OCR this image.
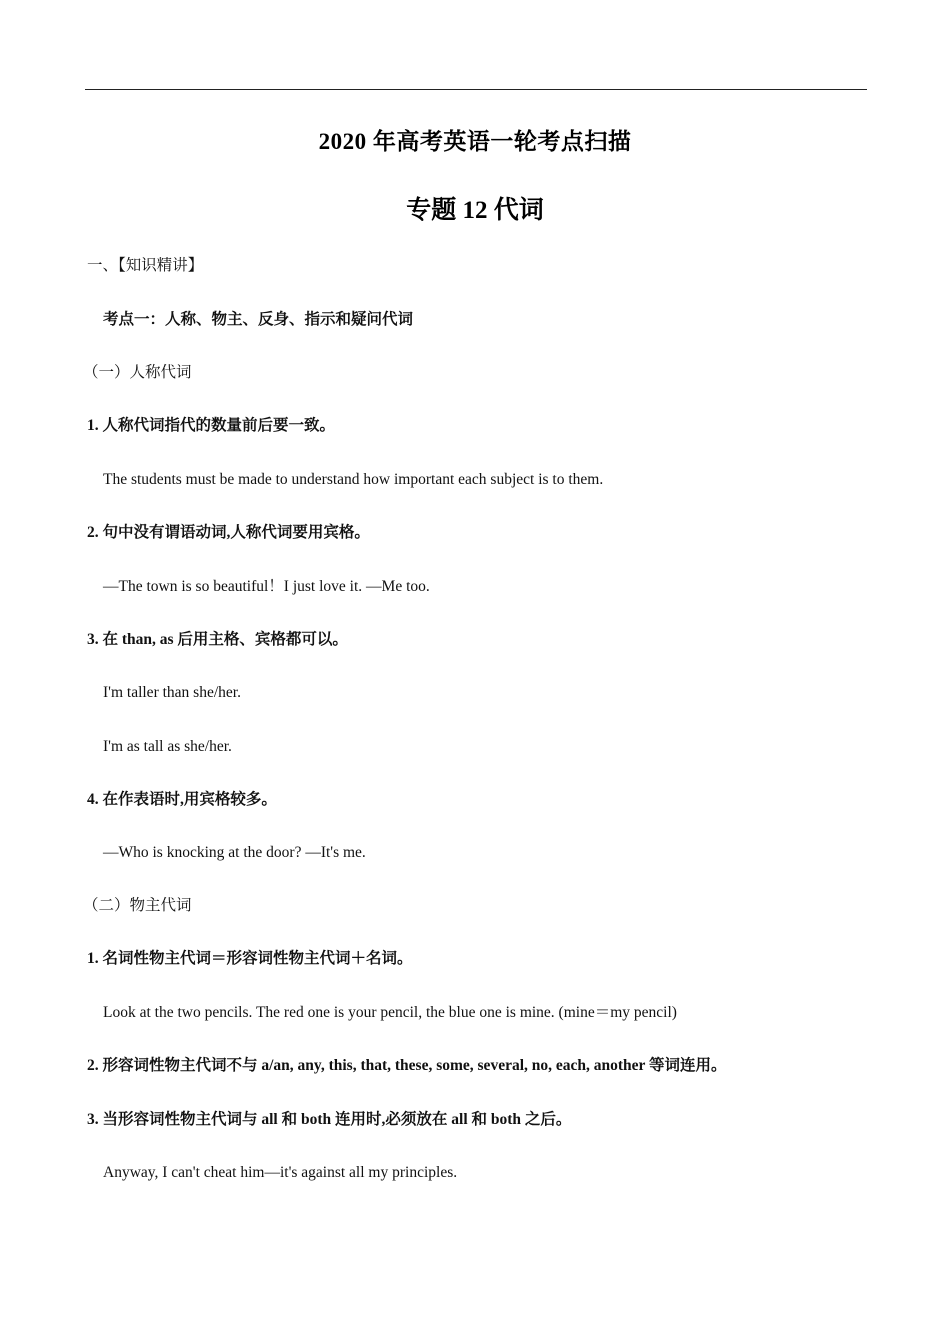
2020 年高考英语一轮考点扫描
专题 12 代词
一、【知识精讲】
考点一：人称、物主、反身、指示和疑问代词
（一）人称代词
1. 人称代词指代的数量前后要一致。
The students must be made to understand how important each subject is to them.
2. 句中没有谓语动词,人称代词要用宾格。
—The town is so beautiful！I just love it. —Me too.
3. 在 than, as 后用主格、宾格都可以。
I'm taller than she/her.
I'm as tall as she/her.
4. 在作表语时,用宾格较多。
—Who is knocking at the door? —It's me.
（二）物主代词
1. 名词性物主代词＝形容词性物主代词＋名词。
Look at the two pencils. The red one is your pencil, the blue one is mine. (mine＝my pencil)
2. 形容词性物主代词不与 a/an, any, this, that, these, some, several, no, each, another 等词连用。
3. 当形容词性物主代词与 all 和 both 连用时,必须放在 all 和 both 之后。
Anyway, I can't cheat him—it's against all my principles.
